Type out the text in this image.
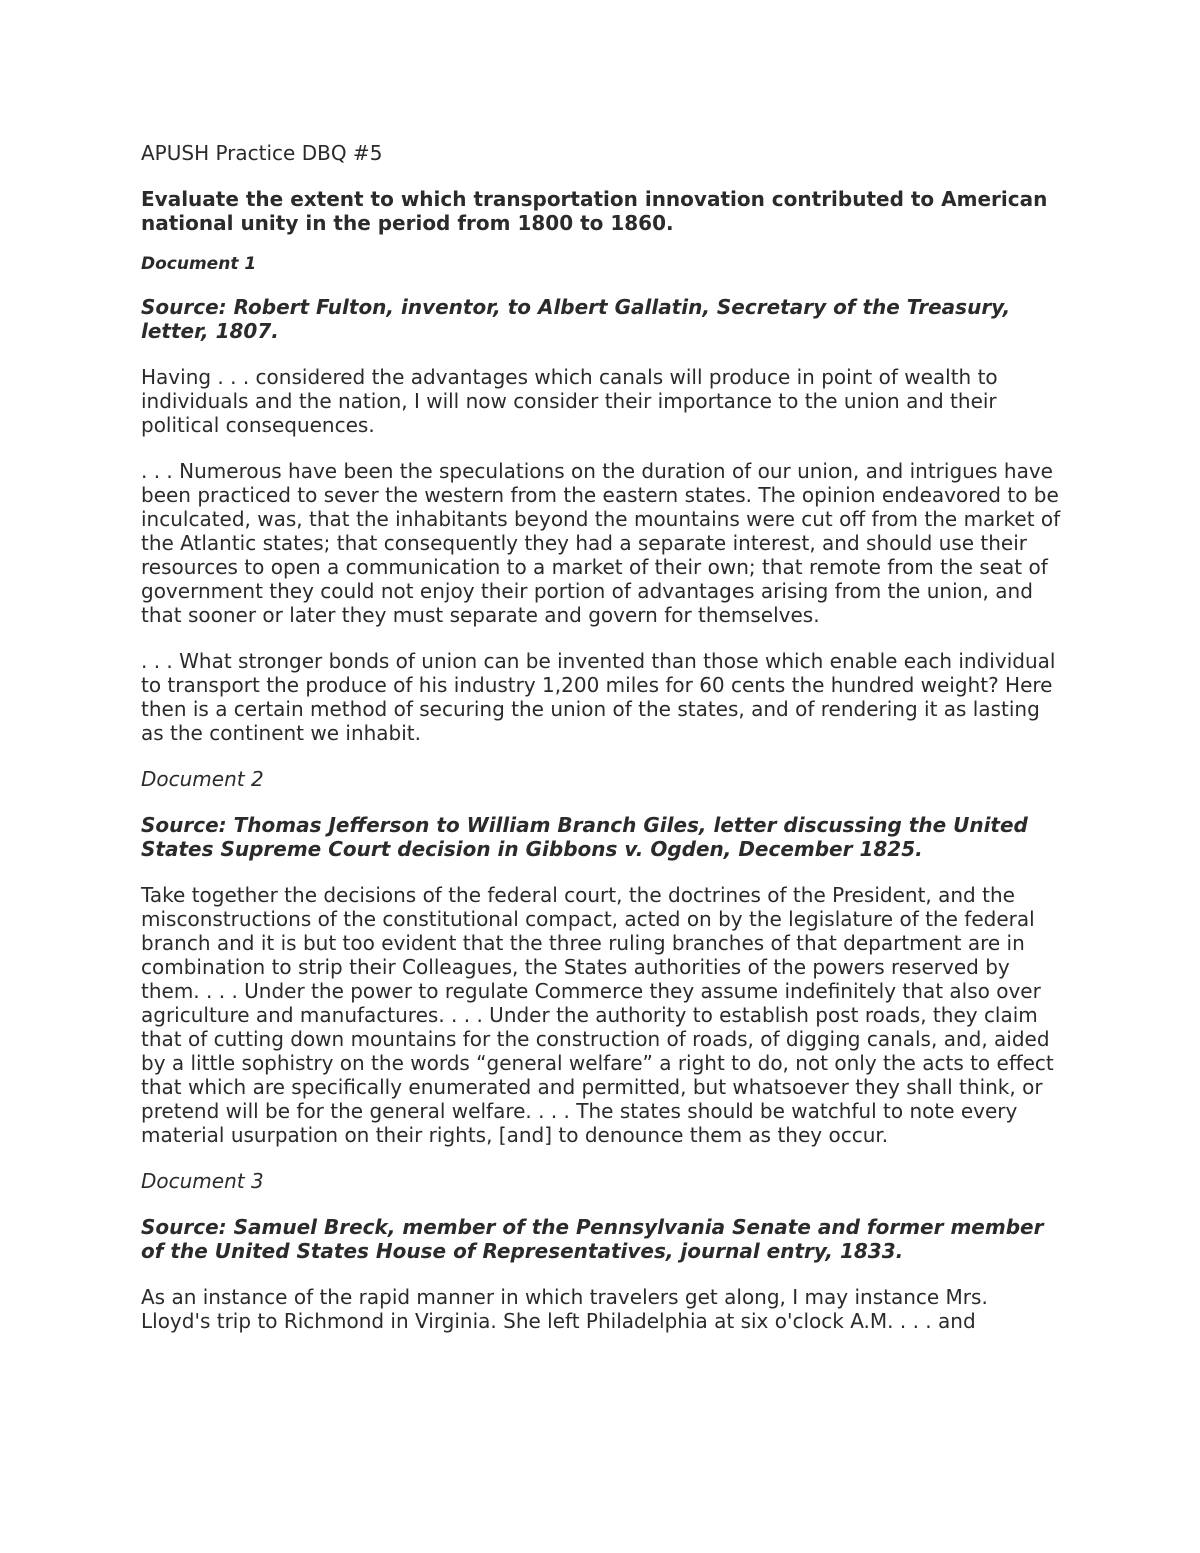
APUSH Practice DBQ #5
Evaluate the extent to which transportation innovation contributed to American national unity in the period from 1800 to 1860.
Document 1
Source: Robert Fulton, inventor, to Albert Gallatin, Secretary of the Treasury, letter, 1807.
Having . . . considered the advantages which canals will produce in point of wealth to individuals and the nation, I will now consider their importance to the union and their political consequences.
. . . Numerous have been the speculations on the duration of our union, and intrigues have been practiced to sever the western from the eastern states. The opinion endeavored to be inculcated, was, that the inhabitants beyond the mountains were cut off from the market of the Atlantic states; that consequently they had a separate interest, and should use their resources to open a communication to a market of their own; that remote from the seat of government they could not enjoy their portion of advantages arising from the union, and that sooner or later they must separate and govern for themselves.
. . . What stronger bonds of union can be invented than those which enable each individual to transport the produce of his industry 1,200 miles for 60 cents the hundred weight? Here then is a certain method of securing the union of the states, and of rendering it as lasting as the continent we inhabit.
Document 2
Source: Thomas Jefferson to William Branch Giles, letter discussing the United States Supreme Court decision in Gibbons v. Ogden, December 1825.
Take together the decisions of the federal court, the doctrines of the President, and the misconstructions of the constitutional compact, acted on by the legislature of the federal branch and it is but too evident that the three ruling branches of that department are in combination to strip their Colleagues, the States authorities of the powers reserved by them. . . . Under the power to regulate Commerce they assume indefinitely that also over agriculture and manufactures. . . . Under the authority to establish post roads, they claim that of cutting down mountains for the construction of roads, of digging canals, and, aided by a little sophistry on the words “general welfare” a right to do, not only the acts to effect that which are specifically enumerated and permitted, but whatsoever they shall think, or pretend will be for the general welfare. . . . The states should be watchful to note every material usurpation on their rights, [and] to denounce them as they occur.
Document 3
Source: Samuel Breck, member of the Pennsylvania Senate and former member of the United States House of Representatives, journal entry, 1833.
As an instance of the rapid manner in which travelers get along, I may instance Mrs. Lloyd's trip to Richmond in Virginia. She left Philadelphia at six o'clock A.M. . . . and
